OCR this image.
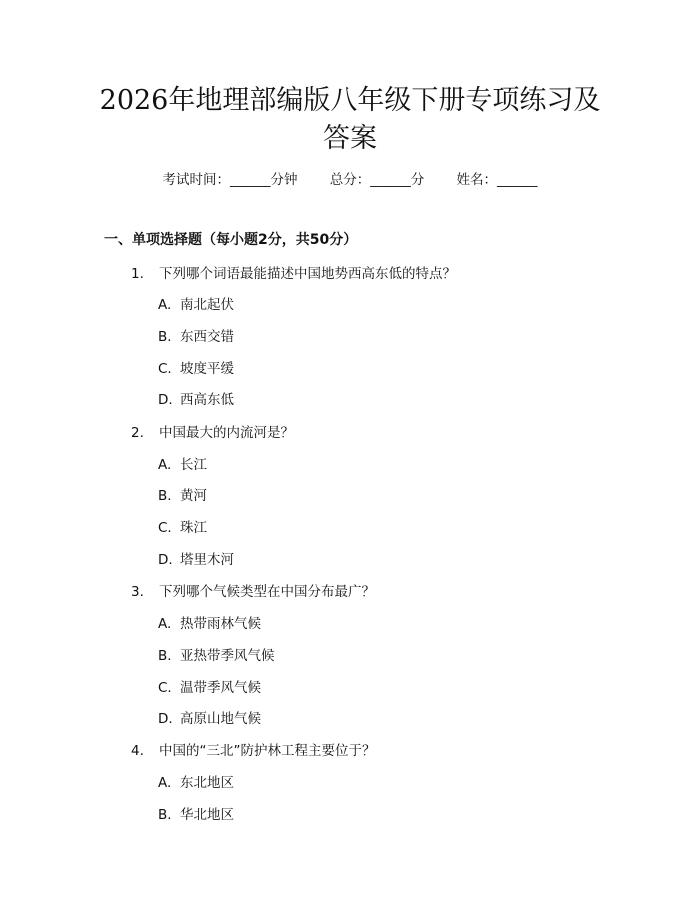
2026年地理部编版八年级下册专项练习及答案
考试时间：______分钟 总分：______分 姓名：______
一、单项选择题（每小题2分，共50分）
1. 下列哪个词语最能描述中国地势西高东低的特点？
A. 南北起伏
B. 东西交错
C. 坡度平缓
D. 西高东低
2. 中国最大的内流河是？
A. 长江
B. 黄河
C. 珠江
D. 塔里木河
3. 下列哪个气候类型在中国分布最广？
A. 热带雨林气候
B. 亚热带季风气候
C. 温带季风气候
D. 高原山地气候
4. 中国的“三北”防护林工程主要位于？
A. 东北地区
B. 华北地区
